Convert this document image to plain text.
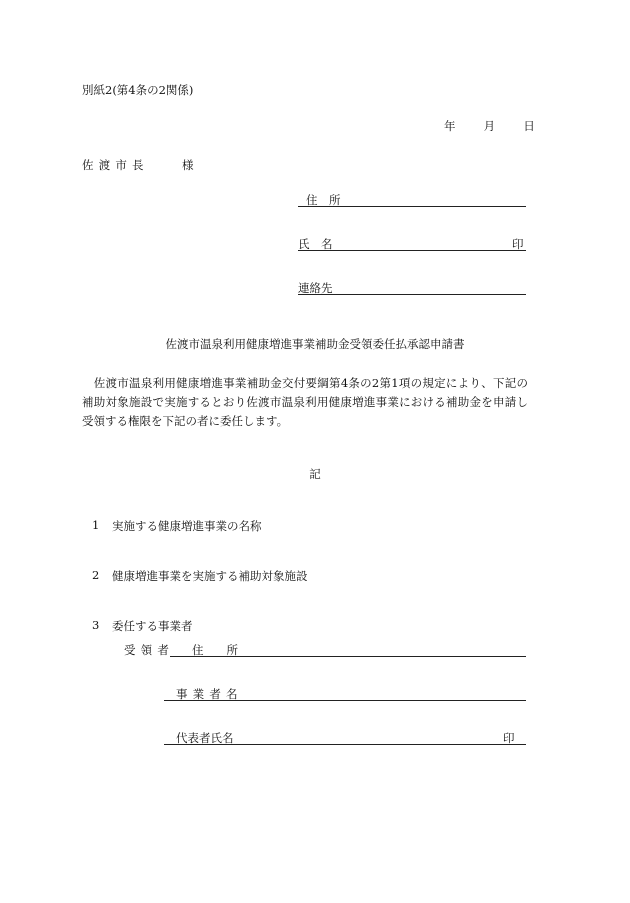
別紙2(第4条の2関係)
年 月 日
佐渡市長	様
住　所
氏　名	印
連絡先
佐渡市温泉利用健康増進事業補助金受領委任払承認申請書
　佐渡市温泉利用健康増進事業補助金交付要綱第4条の2第1項の規定により、下記の補助対象施設で実施するとおり佐渡市温泉利用健康増進事業における補助金を申請し受領する権限を下記の者に委任します。
記
1 実施する健康増進事業の名称
2 健康増進事業を実施する補助対象施設
3 委任する事業者
受領者 住　　所
事業者名
代表者氏名	印
